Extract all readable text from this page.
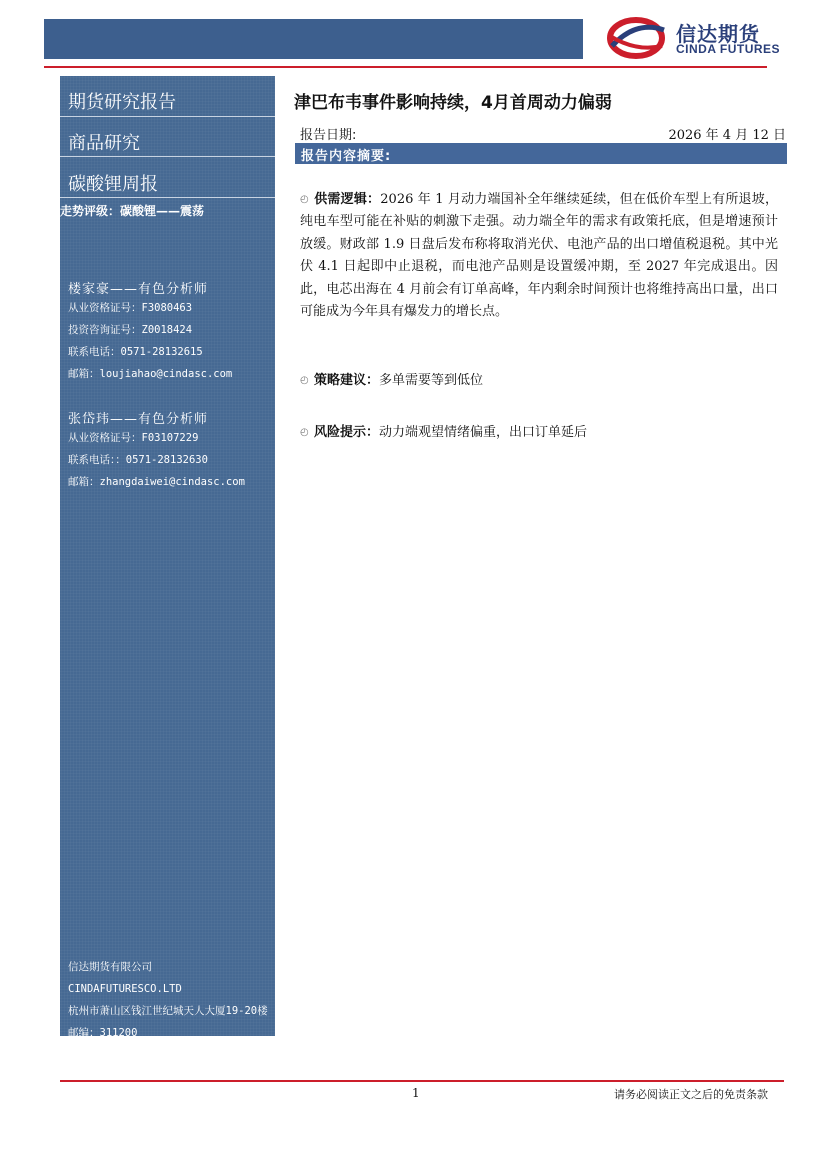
信达期货
CINDA FUTURES
期货研究报告
商品研究
碳酸锂周报
走势评级：碳酸锂——震荡
楼家豪——有色分析师
从业资格证号：F3080463
投资咨询证号：Z0018424
联系电话：0571-28132615
邮箱：loujiahao@cindasc.com
张岱玮——有色分析师
从业资格证号：F03107229
联系电话：：0571-28132630
邮箱：zhangdaiwei@cindasc.com
信达期货有限公司
CINDAFUTURESCO.LTD
杭州市萧山区钱江世纪城天人大厦19-20楼
邮编：311200
津巴布韦事件影响持续，4月首周动力偏弱
报告日期:	2026 年 4 月 12 日
报告内容摘要:
◴ 供需逻辑：2026 年 1 月动力端国补全年继续延续，但在低价车型上有所退坡，纯电车型可能在补贴的刺激下走强。动力端全年的需求有政策托底，但是增速预计放缓。财政部 1.9 日盘后发布称将取消光伏、电池产品的出口增值税退税。其中光伏 4.1 日起即中止退税，而电池产品则是设置缓冲期，至 2027 年完成退出。因此，电芯出海在 4 月前会有订单高峰，年内剩余时间预计也将维持高出口量，出口可能成为今年具有爆发力的增长点。
◴ 策略建议：多单需要等到低位
◴ 风险提示：动力端观望情绪偏重，出口订单延后
1	请务必阅读正文之后的免责条款
